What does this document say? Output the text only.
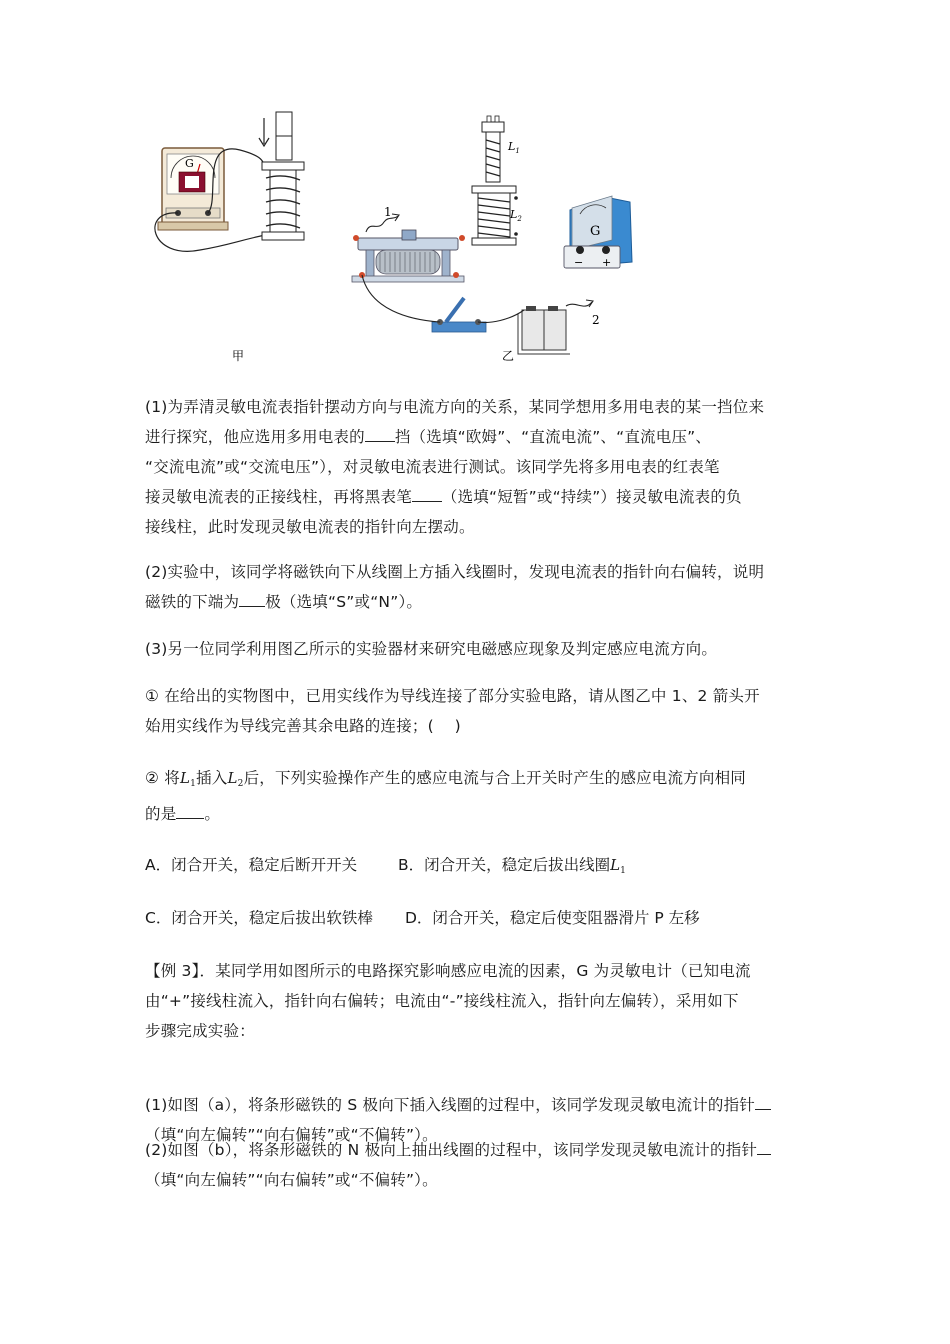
G
甲
1
$L_1$
$L_2$
G
− +
2
乙
(1)为弄清灵敏电流表指针摆动方向与电流方向的关系，某同学想用多用电表的某一挡位来
进行探究，他应选用多用电表的 挡（选填“欧姆”、“直流电流”、“直流电压”、
“交流电流”或“交流电压”），对灵敏电流表进行测试。该同学先将多用电表的红表笔
接灵敏电流表的正接线柱，再将黑表笔 （选填“短暂”或“持续”）接灵敏电流表的负
接线柱，此时发现灵敏电流表的指针向左摆动。
(2)实验中，该同学将磁铁向下从线圈上方插入线圈时，发现电流表的指针向右偏转，说明
磁铁的下端为 极（选填“S”或“N”）。
(3)另一位同学利用图乙所示的实验器材来研究电磁感应现象及判定感应电流方向。
① 在给出的实物图中，已用实线作为导线连接了部分实验电路，请从图乙中 1、2 箭头开
始用实线作为导线完善其余电路的连接；(　 )
② 将$L_1$插入$L_2$后，下列实验操作产生的感应电流与合上开关时产生的感应电流方向相同
的是 。
A．闭合开关，稳定后断开开关	B．闭合开关，稳定后拔出线圈$L_1$
C．闭合开关，稳定后拔出软铁棒 D．闭合开关，稳定后使变阻器滑片 P 左移
【例 3】．某同学用如图所示的电路探究影响感应电流的因素，G 为灵敏电计（已知电流
由“+”接线柱流入，指针向右偏转；电流由“-”接线柱流入，指针向左偏转），采用如下
步骤完成实验：
(1)如图（a），将条形磁铁的 S 极向下插入线圈的过程中，该同学发现灵敏电流计的指针
（填“向左偏转”“向右偏转”或“不偏转”）。
(2)如图（b），将条形磁铁的 N 极向上抽出线圈的过程中，该同学发现灵敏电流计的指针
（填“向左偏转”“向右偏转”或“不偏转”）。
